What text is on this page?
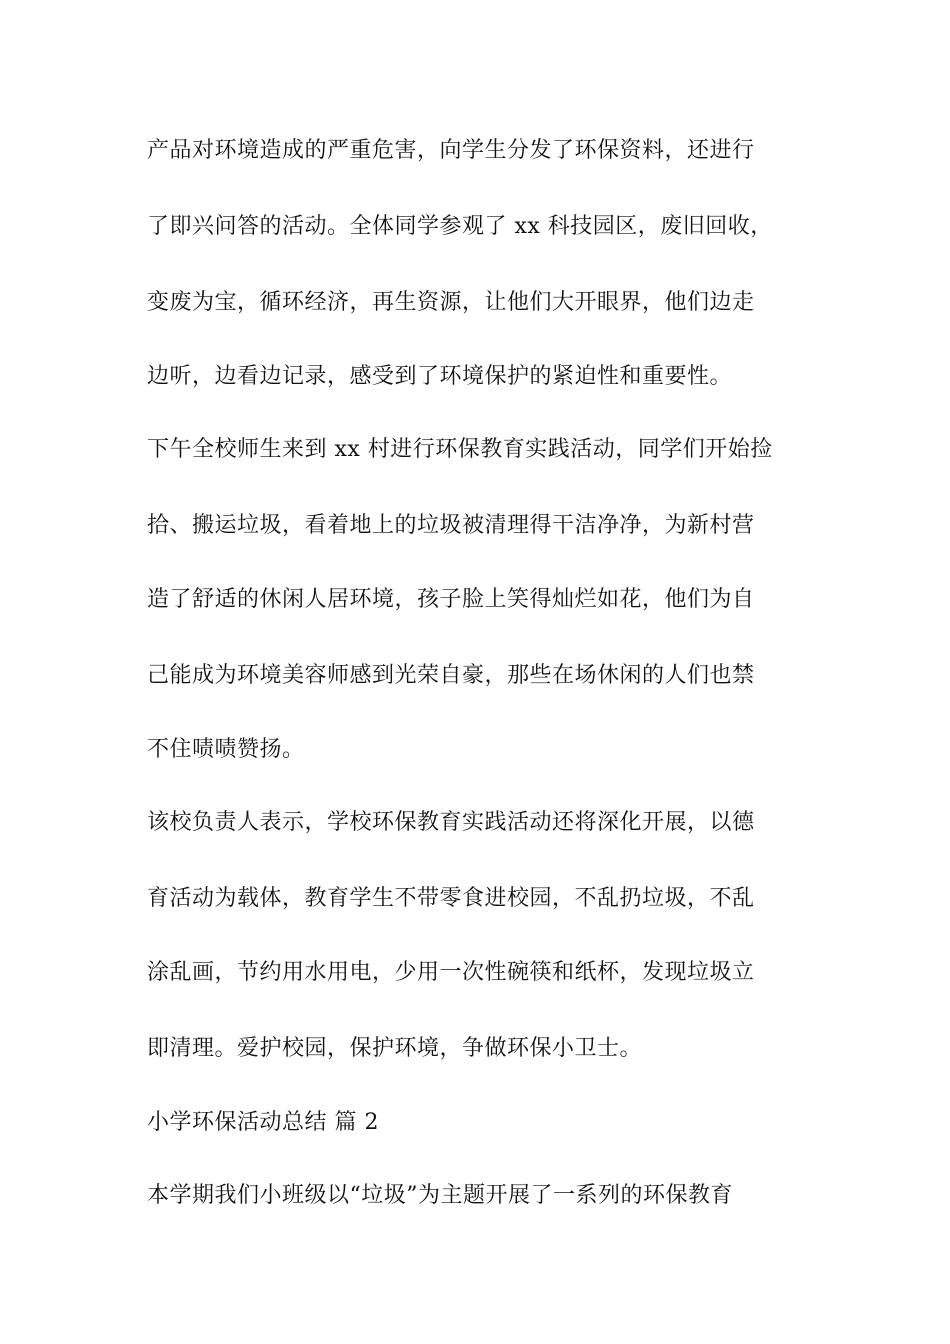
产品对环境造成的严重危害，向学生分发了环保资料，还进行
了即兴问答的活动。全体同学参观了 xx 科技园区，废旧回收，
变废为宝，循环经济，再生资源，让他们大开眼界，他们边走
边听，边看边记录，感受到了环境保护的紧迫性和重要性。
下午全校师生来到 xx 村进行环保教育实践活动，同学们开始捡
拾、搬运垃圾，看着地上的垃圾被清理得干洁净净，为新村营
造了舒适的休闲人居环境，孩子脸上笑得灿烂如花，他们为自
己能成为环境美容师感到光荣自豪，那些在场休闲的人们也禁
不住啧啧赞扬。
该校负责人表示，学校环保教育实践活动还将深化开展，以德
育活动为载体，教育学生不带零食进校园，不乱扔垃圾，不乱
涂乱画，节约用水用电，少用一次性碗筷和纸杯，发现垃圾立
即清理。爱护校园，保护环境，争做环保小卫士。
小学环保活动总结 篇 2
本学期我们小班级以“垃圾”为主题开展了一系列的环保教育
